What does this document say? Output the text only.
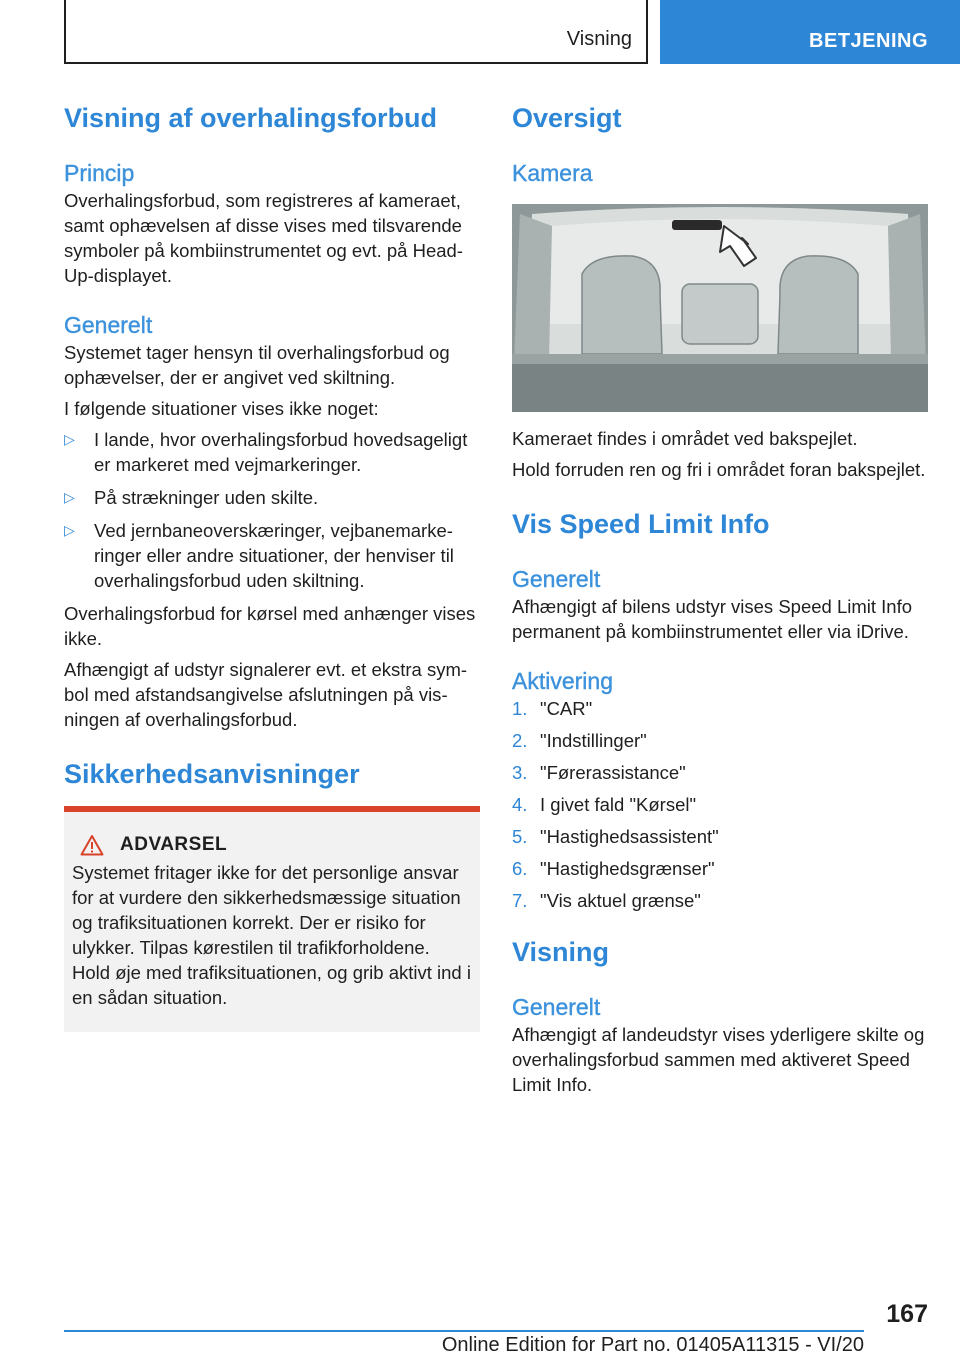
Visning	BETJENING
Visning af overhalingsforbud
Princip

Overhalingsforbud, som registreres af kameraet, samt ophævelsen af disse vises med tilsvarende symboler på kombiinstrumentet og evt. på Head-Up-displayet.

Generelt

Systemet tager hensyn til overhalingsforbud og ophævelser, der er angivet ved skiltning.

I følgende situationer vises ikke noget:

▷ I lande, hvor overhalingsforbud hovedsageligt er markeret med vejmarkeringer.
▷ På strækninger uden skilte.
▷ Ved jernbaneoverskæringer, vejbanemarkeringer eller andre situationer, der henviser til overhalingsforbud uden skiltning.

Overhalingsforbud for kørsel med anhænger vises ikke.

Afhængigt af udstyr signalerer evt. et ekstra symbol med afstandsangivelse afslutningen på visningen af overhalingsforbud.

Sikkerhedsanvisninger
ADVARSEL

Systemet fritager ikke for det personlige ansvar for at vurdere den sikkerhedsmæssige situation og trafiksituationen korrekt. Der er risiko for ulykker. Tilpas kørestilen til trafikforholdene. Hold øje med trafiksituationen, og grib aktivt ind i en sådan situation.

Oversigt
Kamera

Kameraet findes i området ved bakspejlet.

Hold forruden ren og fri i området foran bakspejlet.

Vis Speed Limit Info
Generelt

Afhængigt af bilens udstyr vises Speed Limit Info permanent på kombiinstrumentet eller via iDrive.

Aktivering
1. "CAR"
2. "Indstillinger"
3. "Førerassistance"
4. I givet fald "Kørsel"
5. "Hastighedsassistent"
6. "Hastighedsgrænser"
7. "Vis aktuel grænse"
Visning
Generelt

Afhængigt af landeudstyr vises yderligere skilte og overhalingsforbud sammen med aktiveret Speed Limit Info.

167
Online Edition for Part no. 01405A11315 - VI/20
